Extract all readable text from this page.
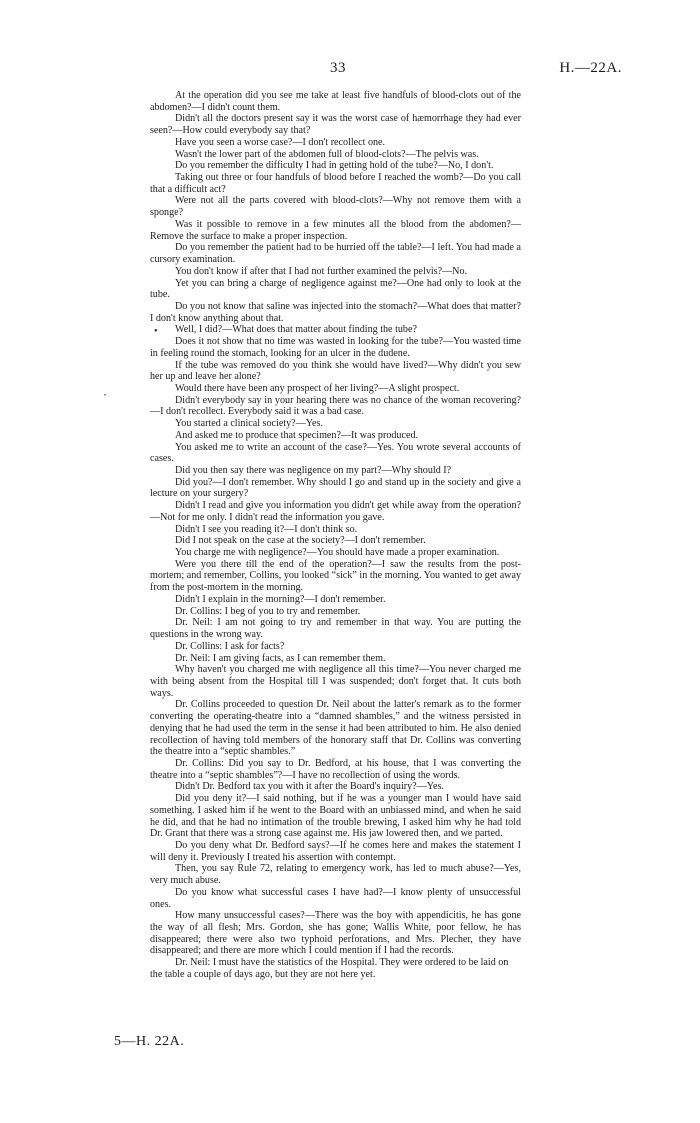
33	H.—22A.

At the operation did you see me take at least five handfuls of blood-clots out of the abdomen?—I didn't count them.

Didn't all the doctors present say it was the worst case of hæmorrhage they had ever seen?—How could everybody say that?

Have you seen a worse case?—I don't recollect one.

Wasn't the lower part of the abdomen full of blood-clots?—The pelvis was.

Do you remember the difficulty I had in getting hold of the tube?—No, I don't.

Taking out three or four handfuls of blood before I reached the womb?—Do you call that a difficult act?

Were not all the parts covered with blood-clots?—Why not remove them with a sponge?

Was it possible to remove in a few minutes all the blood from the abdomen?—Remove the surface to make a proper inspection.

Do you remember the patient had to be hurried off the table?—I left. You had made a cursory examination.

You don't know if after that I had not further examined the pelvis?—No.

Yet you can bring a charge of negligence against me?—One had only to look at the tube.

Do you not know that saline was injected into the stomach?—What does that matter? I don't know anything about that.

Well, I did?—What does that matter about finding the tube?

Does it not show that no time was wasted in looking for the tube?—You wasted time in feeling round the stomach, looking for an ulcer in the dudene.

If the tube was removed do you think she would have lived?—Why didn't you sew her up and leave her alone?

Would there have been any prospect of her living?—A slight prospect.

Didn't everybody say in your hearing there was no chance of the woman recovering?—I don't recollect. Everybody said it was a bad case.

You started a clinical society?—Yes.

And asked me to produce that specimen?—It was produced.

You asked me to write an account of the case?—Yes. You wrote several accounts of cases.

Did you then say there was negligence on my part?—Why should I?

Did you?—I don't remember. Why should I go and stand up in the society and give a lecture on your surgery?

Didn't I read and give you information you didn't get while away from the operation?—Not for me only. I didn't read the information you gave.

Didn't I see you reading it?—I don't think so.

Did I not speak on the case at the society?—I don't remember.

You charge me with negligence?—You should have made a proper examination.

Were you there till the end of the operation?—I saw the results from the post-mortem; and remember, Collins, you looked “sick” in the morning. You wanted to get away from the post-mortem in the morning.

Didn't I explain in the morning?—I don't remember.

Dr. Collins: I beg of you to try and remember.

Dr. Neil: I am not going to try and remember in that way. You are putting the questions in the wrong way.

Dr. Collins: I ask for facts?

Dr. Neil: I am giving facts, as I can remember them.

Why haven't you charged me with negligence all this time?—You never charged me with being absent from the Hospital till I was suspended; don't forget that. It cuts both ways.

Dr. Collins proceeded to question Dr. Neil about the latter's remark as to the former converting the operating-theatre into a “damned shambles,” and the witness persisted in denying that he had used the term in the sense it had been attributed to him. He also denied recollection of having told members of the honorary staff that Dr. Collins was converting the theatre into a “septic shambles.”

Dr. Collins: Did you say to Dr. Bedford, at his house, that I was converting the theatre into a “septic shambles”?—I have no recollection of using the words.

Didn't Dr. Bedford tax you with it after the Board's inquiry?—Yes.

Did you deny it?—I said nothing, but if he was a younger man I would have said something. I asked him if he went to the Board with an unbiassed mind, and when he said he did, and that he had no intimation of the trouble brewing, I asked him why he had told Dr. Grant that there was a strong case against me. His jaw lowered then, and we parted.

Do you deny what Dr. Bedford says?—If he comes here and makes the statement I will deny it. Previously I treated his assertion with contempt.

Then, you say Rule 72, relating to emergency work, has led to much abuse?—Yes, very much abuse.

Do you know what successful cases I have had?—I know plenty of unsuccessful ones.

How many unsuccessful cases?—There was the boy with appendicitis, he has gone the way of all flesh; Mrs. Gordon, she has gone; Wallis White, poor fellow, he has disappeared; there were also two typhoid perforations, and Mrs. Plecher, they have disappeared; and there are more which I could mention if I had the records.

Dr. Neil: I must have the statistics of the Hospital. They were ordered to be laid on the table a couple of days ago, but they are not here yet.

•
•
5—H. 22A.
